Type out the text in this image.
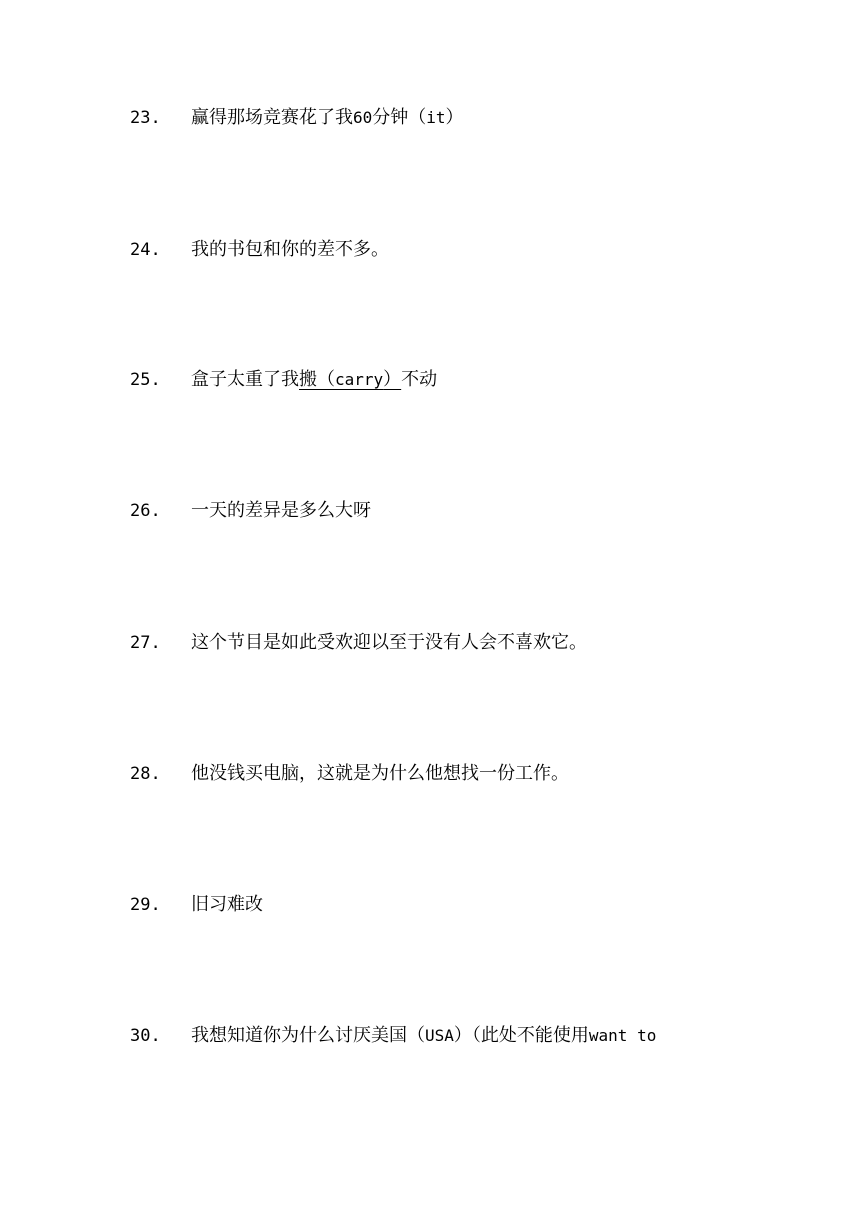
23. 赢得那场竞赛花了我60分钟（it）
24. 我的书包和你的差不多。
25. 盒子太重了我搬（carry）不动
26. 一天的差异是多么大呀
27. 这个节目是如此受欢迎以至于没有人会不喜欢它。
28. 他没钱买电脑，这就是为什么他想找一份工作。
29. 旧习难改
30. 我想知道你为什么讨厌美国（USA）（此处不能使用want to
